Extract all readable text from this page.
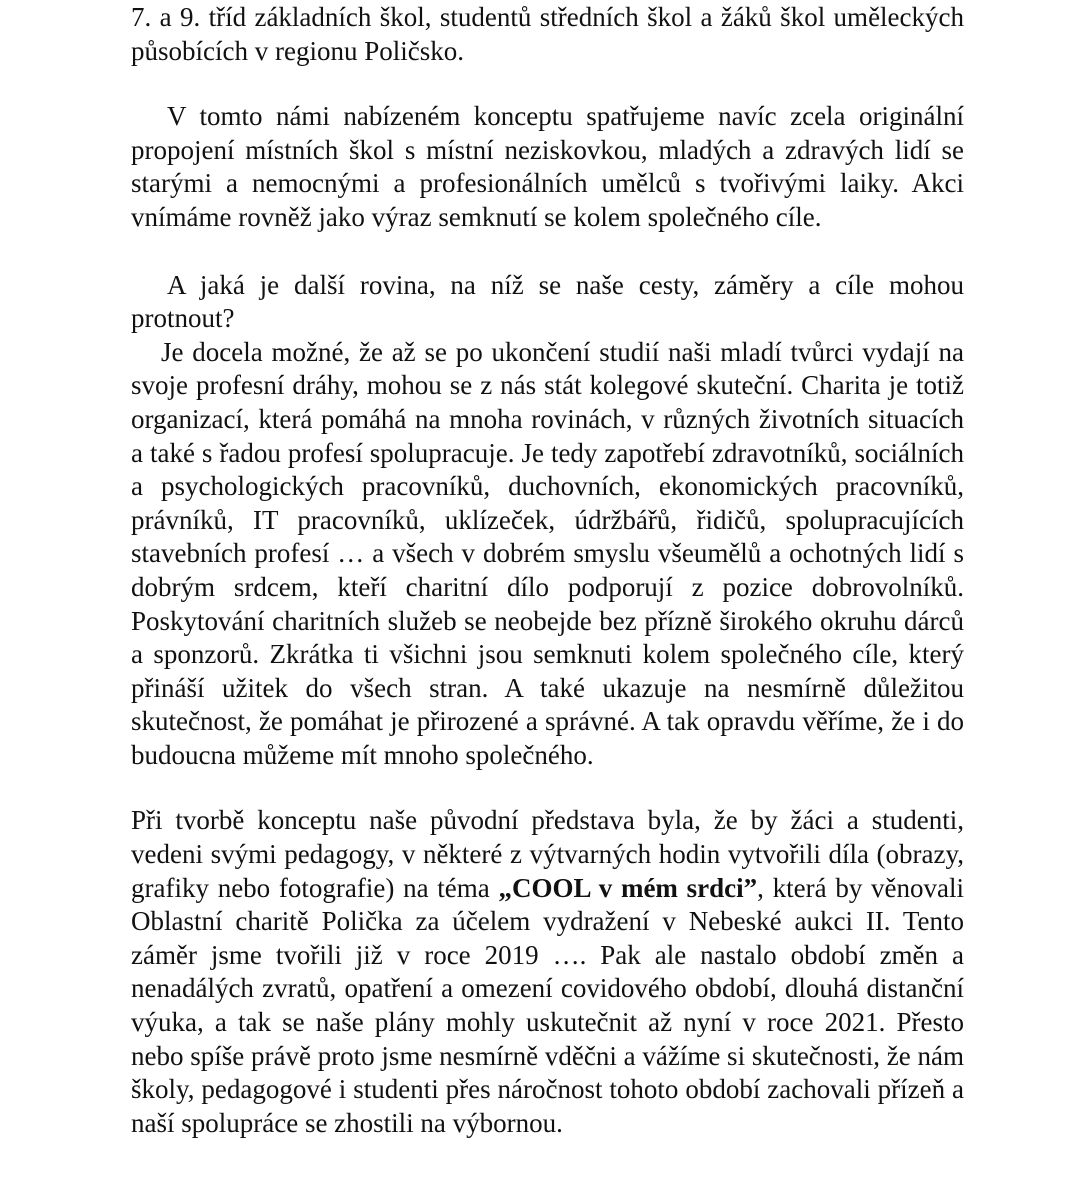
7. a 9. tříd základních škol, studentů středních škol a žáků škol uměleckých působících v regionu Poličsko.

V tomto námi nabízeném konceptu spatřujeme navíc zcela originální propojení místních škol s místní neziskovkou, mladých a zdravých lidí se starými a nemocnými a profesionálních umělců s tvořivými laiky. Akci vnímáme rovněž jako výraz semknutí se kolem společného cíle.

A jaká je další rovina, na níž se naše cesty, záměry a cíle mohou protnout?

Je docela možné, že až se po ukončení studií naši mladí tvůrci vydají na svoje profesní dráhy, mohou se z nás stát kolegové skuteční. Charita je totiž organizací, která pomáhá na mnoha rovinách, v různých životních situacích a také s řadou profesí spolupracuje. Je tedy zapotřebí zdravotníků, sociálních a psychologických pracovníků, duchovních, ekonomických pracovníků, právníků, IT pracovníků, uklízeček, údržbářů, řidičů, spolupracujících stavebních profesí … a všech v dobrém smyslu všeumělů a ochotných lidí s dobrým srdcem, kteří charitní dílo podporují z pozice dobrovolníků. Poskytování charitních služeb se neobejde bez přízně širokého okruhu dárců a sponzorů. Zkrátka ti všichni jsou semknuti kolem společného cíle, který přináší užitek do všech stran. A také ukazuje na nesmírně důležitou skutečnost, že pomáhat je přirozené a správné. A tak opravdu věříme, že i do budoucna můžeme mít mnoho společného.

Při tvorbě konceptu naše původní představa byla, že by žáci a studenti, vedeni svými pedagogy, v některé z výtvarných hodin vytvořili díla (obrazy, grafiky nebo fotografie) na téma „COOL v mém srdci”, která by věnovali Oblastní charitě Polička za účelem vydražení v Nebeské aukci II. Tento záměr jsme tvořili již v roce 2019 …. Pak ale nastalo období změn a nenadálých zvratů, opatření a omezení covidového období, dlouhá distanční výuka, a tak se naše plány mohly uskutečnit až nyní v roce 2021. Přesto nebo spíše právě proto jsme nesmírně vděčni a vážíme si skutečnosti, že nám školy, pedagogové i studenti přes náročnost tohoto období zachovali přízeň a naší spolupráce se zhostili na výbornou.
